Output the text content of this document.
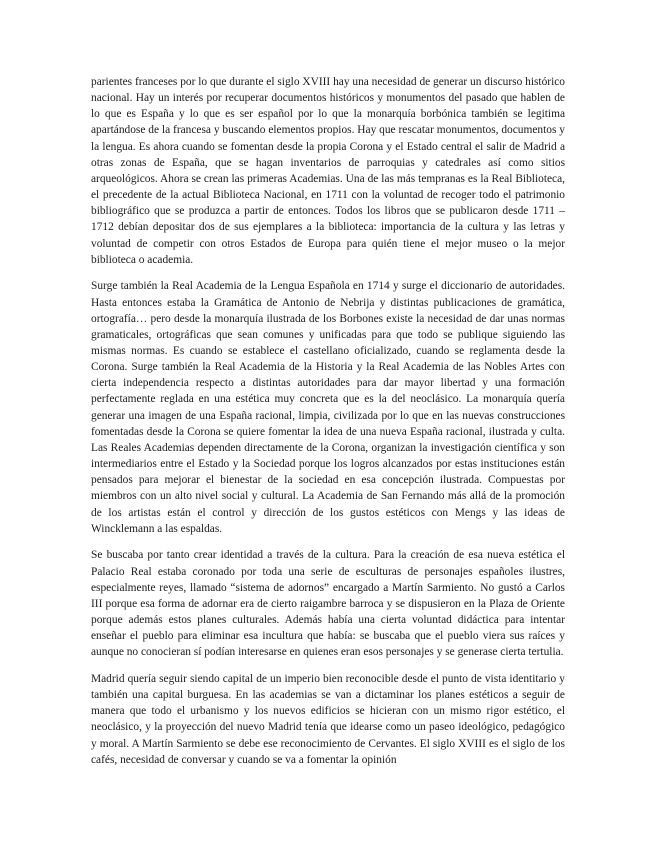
parientes franceses por lo que durante el siglo XVIII hay una necesidad de generar un discurso histórico nacional. Hay un interés por recuperar documentos históricos y monumentos del pasado que hablen de lo que es España y lo que es ser español por lo que la monarquía borbónica también se legitima apartándose de la francesa y buscando elementos propios. Hay que rescatar monumentos, documentos y la lengua. Es ahora cuando se fomentan desde la propia Corona y el Estado central el salir de Madrid a otras zonas de España, que se hagan inventarios de parroquias y catedrales así como sitios arqueológicos. Ahora se crean las primeras Academias. Una de las más tempranas es la Real Biblioteca, el precedente de la actual Biblioteca Nacional, en 1711 con la voluntad de recoger todo el patrimonio bibliográfico que se produzca a partir de entonces. Todos los libros que se publicaron desde 1711 – 1712 debían depositar dos de sus ejemplares a la biblioteca: importancia de la cultura y las letras y voluntad de competir con otros Estados de Europa para quién tiene el mejor museo o la mejor biblioteca o academia.

Surge también la Real Academia de la Lengua Española en 1714 y surge el diccionario de autoridades. Hasta entonces estaba la Gramática de Antonio de Nebrija y distintas publicaciones de gramática, ortografía… pero desde la monarquía ilustrada de los Borbones existe la necesidad de dar unas normas gramaticales, ortográficas que sean comunes y unificadas para que todo se publique siguiendo las mismas normas. Es cuando se establece el castellano oficializado, cuando se reglamenta desde la Corona. Surge también la Real Academia de la Historia y la Real Academia de las Nobles Artes con cierta independencia respecto a distintas autoridades para dar mayor libertad y una formación perfectamente reglada en una estética muy concreta que es la del neoclásico. La monarquía quería generar una imagen de una España racional, limpia, civilizada por lo que en las nuevas construcciones fomentadas desde la Corona se quiere fomentar la idea de una nueva España racional, ilustrada y culta. Las Reales Academias dependen directamente de la Corona, organizan la investigación científica y son intermediarios entre el Estado y la Sociedad porque los logros alcanzados por estas instituciones están pensados para mejorar el bienestar de la sociedad en esa concepción ilustrada. Compuestas por miembros con un alto nivel social y cultural. La Academia de San Fernando más allá de la promoción de los artistas están el control y dirección de los gustos estéticos con Mengs y las ideas de Wincklemann a las espaldas.

Se buscaba por tanto crear identidad a través de la cultura. Para la creación de esa nueva estética el Palacio Real estaba coronado por toda una serie de esculturas de personajes españoles ilustres, especialmente reyes, llamado “sistema de adornos” encargado a Martín Sarmiento. No gustó a Carlos III porque esa forma de adornar era de cierto raigambre barroca y se dispusieron en la Plaza de Oriente porque además estos planes culturales. Además había una cierta voluntad didáctica para intentar enseñar el pueblo para eliminar esa incultura que había: se buscaba que el pueblo viera sus raíces y aunque no conocieran sí podían interesarse en quienes eran esos personajes y se generase cierta tertulia.

Madrid quería seguir siendo capital de un imperio bien reconocible desde el punto de vista identitario y también una capital burguesa. En las academias se van a dictaminar los planes estéticos a seguir de manera que todo el urbanismo y los nuevos edificios se hicieran con un mismo rigor estético, el neoclásico, y la proyección del nuevo Madrid tenía que idearse como un paseo ideológico, pedagógico y moral. A Martín Sarmiento se debe ese reconocimiento de Cervantes. El siglo XVIII es el siglo de los cafés, necesidad de conversar y cuando se va a fomentar la opinión
